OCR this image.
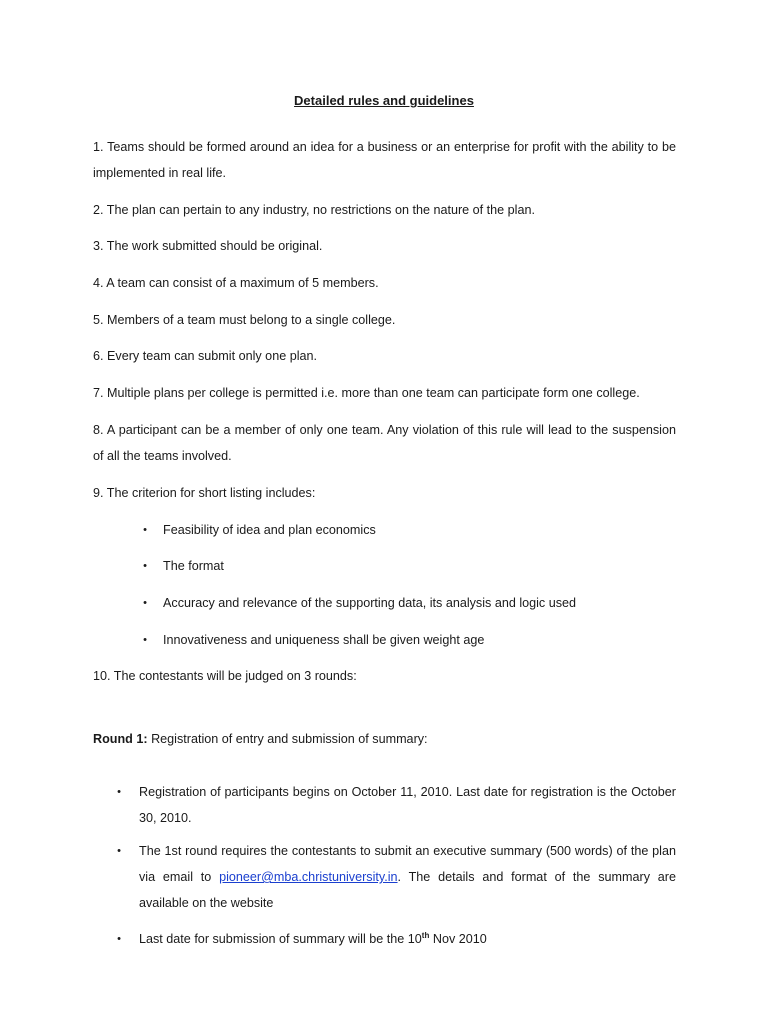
Detailed rules and guidelines
1. Teams should be formed around an idea for a business or an enterprise for profit with the ability to be implemented in real life.
2. The plan can pertain to any industry, no restrictions on the nature of the plan.
3. The work submitted should be original.
4. A team can consist of a maximum of 5 members.
5. Members of a team must belong to a single college.
6. Every team can submit only one plan.
7. Multiple plans per college is permitted i.e. more than one team can participate form one college.
8. A participant can be a member of only one team. Any violation of this rule will lead to the suspension of all the teams involved.
9. The criterion for short listing includes:
•	Feasibility of idea and plan economics
•	The format
•	Accuracy and relevance of the supporting data, its analysis and logic used
•	Innovativeness and uniqueness shall be given weight age
10. The contestants will be judged on 3 rounds:
Round 1: Registration of entry and submission of summary:
•	Registration of participants begins on October 11, 2010. Last date for registration is the October 30, 2010.
•	The 1st round requires the contestants to submit an executive summary (500 words) of the plan via email to pioneer@mba.christuniversity.in. The details and format of the summary are available on the website
•	Last date for submission of summary will be the 10th Nov 2010
